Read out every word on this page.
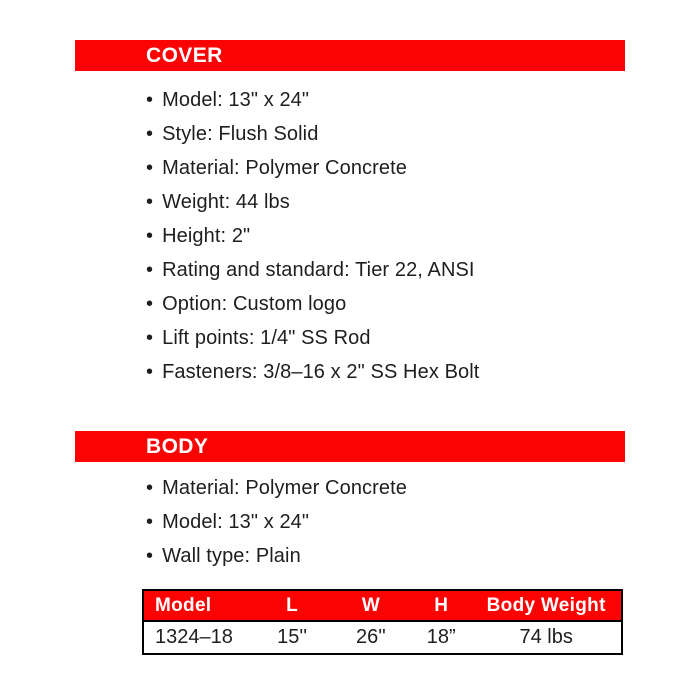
COVER
• Model: 13" x 24"
• Style: Flush Solid
• Material: Polymer Concrete
• Weight: 44 lbs
• Height: 2"
• Rating and standard: Tier 22, ANSI
• Option: Custom logo
• Lift points: 1/4" SS Rod
• Fasteners: 3/8–16 x 2" SS Hex Bolt
BODY
• Material: Polymer Concrete
• Model: 13" x 24"
• Wall type: Plain
Model	L	W	H	Body Weight
1324–18	15''	26''	18”	74 lbs
